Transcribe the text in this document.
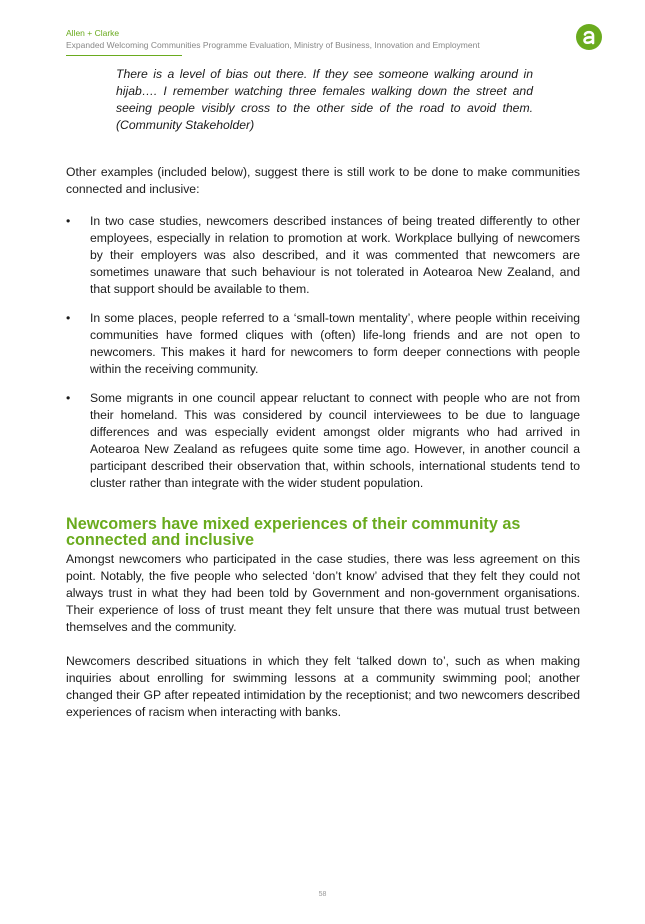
Allen + Clarke
Expanded Welcoming Communities Programme Evaluation, Ministry of Business, Innovation and Employment

There is a level of bias out there. If they see someone walking around in hijab…. I remember watching three females walking down the street and seeing people visibly cross to the other side of the road to avoid them. (Community Stakeholder)

Other examples (included below), suggest there is still work to be done to make communities connected and inclusive:

• In two case studies, newcomers described instances of being treated differently to other employees, especially in relation to promotion at work. Workplace bullying of newcomers by their employers was also described, and it was commented that newcomers are sometimes unaware that such behaviour is not tolerated in Aotearoa New Zealand, and that support should be available to them.
• In some places, people referred to a ‘small-town mentality’, where people within receiving communities have formed cliques with (often) life-long friends and are not open to newcomers. This makes it hard for newcomers to form deeper connections with people within the receiving community.
• Some migrants in one council appear reluctant to connect with people who are not from their homeland. This was considered by council interviewees to be due to language differences and was especially evident amongst older migrants who had arrived in Aotearoa New Zealand as refugees quite some time ago. However, in another council a participant described their observation that, within schools, international students tend to cluster rather than integrate with the wider student population.
Newcomers have mixed experiences of their community as connected and inclusive

Amongst newcomers who participated in the case studies, there was less agreement on this point. Notably, the five people who selected ‘don’t know’ advised that they felt they could not always trust in what they had been told by Government and non-government organisations. Their experience of loss of trust meant they felt unsure that there was mutual trust between themselves and the community.

Newcomers described situations in which they felt ‘talked down to’, such as when making inquiries about enrolling for swimming lessons at a community swimming pool; another changed their GP after repeated intimidation by the receptionist; and two newcomers described experiences of racism when interacting with banks.

58
